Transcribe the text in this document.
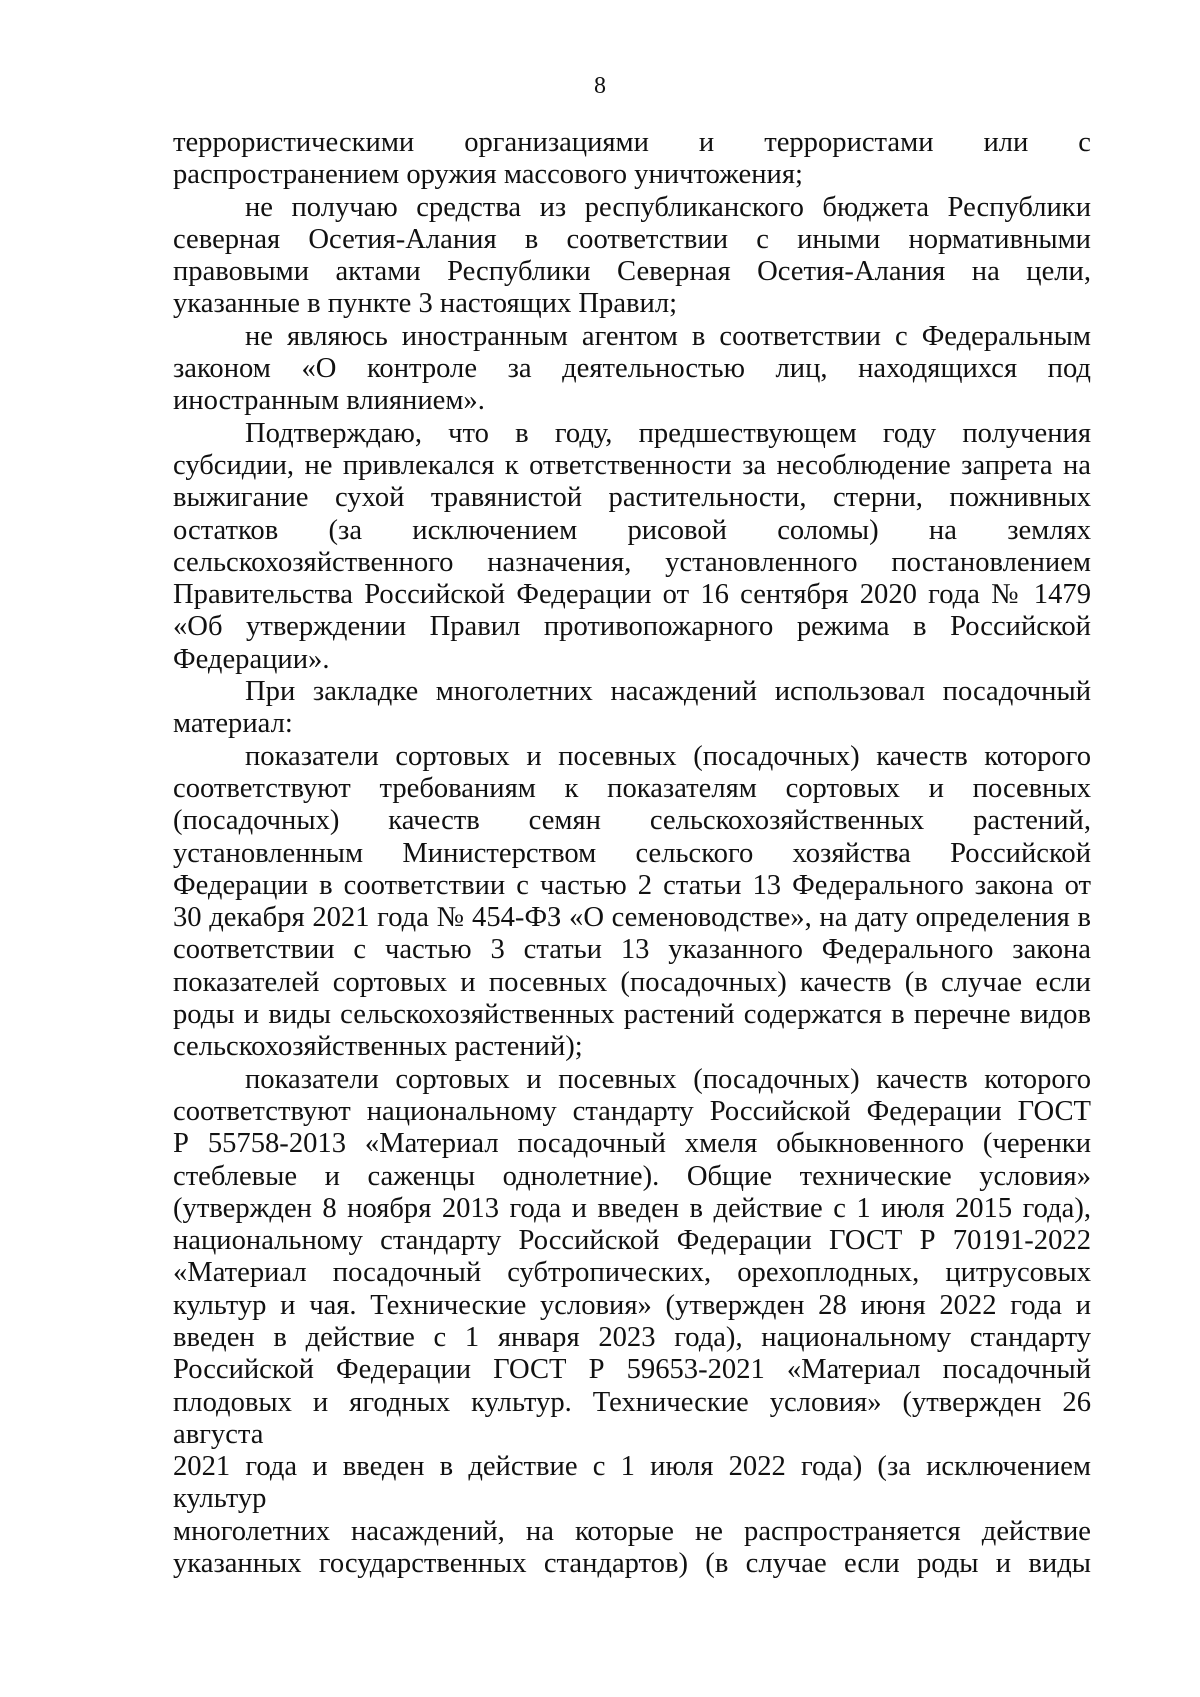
8
террористическими организациями и террористами или с
распространением оружия массового уничтожения;
не получаю средства из республиканского бюджета Республики
северная Осетия-Алания в соответствии с иными нормативными
правовыми актами Республики Северная Осетия-Алания на цели,
указанные в пункте 3 настоящих Правил;
не являюсь иностранным агентом в соответствии с Федеральным
законом «О контроле за деятельностью лиц, находящихся под
иностранным влиянием».
Подтверждаю, что в году, предшествующем году получения
субсидии, не привлекался к ответственности за несоблюдение запрета на
выжигание сухой травянистой растительности, стерни, пожнивных
остатков (за исключением рисовой соломы) на землях
сельскохозяйственного назначения, установленного постановлением
Правительства Российской Федерации от 16 сентября 2020 года № 1479
«Об утверждении Правил противопожарного режима в Российской
Федерации».
При закладке многолетних насаждений использовал посадочный
материал:
показатели сортовых и посевных (посадочных) качеств которого
соответствуют требованиям к показателям сортовых и посевных
(посадочных) качеств семян сельскохозяйственных растений,
установленным Министерством сельского хозяйства Российской
Федерации в соответствии с частью 2 статьи 13 Федерального закона от
30 декабря 2021 года № 454-ФЗ «О семеноводстве», на дату определения в
соответствии с частью 3 статьи 13 указанного Федерального закона
показателей сортовых и посевных (посадочных) качеств (в случае если
роды и виды сельскохозяйственных растений содержатся в перечне видов
сельскохозяйственных растений);
показатели сортовых и посевных (посадочных) качеств которого
соответствуют национальному стандарту Российской Федерации ГОСТ
Р 55758-2013 «Материал посадочный хмеля обыкновенного (черенки
стеблевые и саженцы однолетние). Общие технические условия»
(утвержден 8 ноября 2013 года и введен в действие с 1 июля 2015 года),
национальному стандарту Российской Федерации ГОСТ Р 70191-2022
«Материал посадочный субтропических, орехоплодных, цитрусовых
культур и чая. Технические условия» (утвержден 28 июня 2022 года и
введен в действие с 1 января 2023 года), национальному стандарту
Российской Федерации ГОСТ Р 59653-2021 «Материал посадочный
плодовых и ягодных культур. Технические условия» (утвержден 26 августа
2021 года и введен в действие с 1 июля 2022 года) (за исключением культур
многолетних насаждений, на которые не распространяется действие
указанных государственных стандартов) (в случае если роды и виды
